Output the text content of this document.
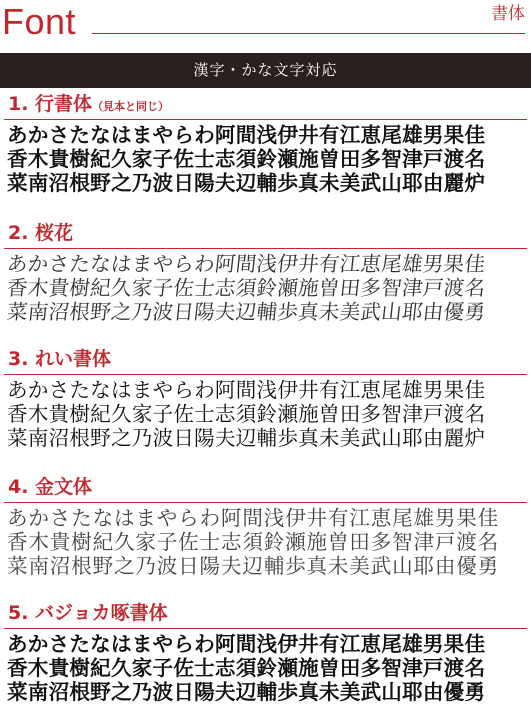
Font	書体
漢字・かな文字対応
1. 行書体（見本と同じ）
あかさたなはまやらわ阿間浅伊井有江恵尾雄男果佳
香木貴樹紀久家子佐士志須鈴瀬施曽田多智津戸渡名
菜南沼根野之乃波日陽夫辺輔歩真未美武山耶由麗炉
2. 桜花
あかさたなはまやらわ阿間浅伊井有江恵尾雄男果佳
香木貴樹紀久家子佐士志須鈴瀬施曽田多智津戸渡名
菜南沼根野之乃波日陽夫辺輔歩真未美武山耶由優勇
3. れい書体
あかさたなはまやらわ阿間浅伊井有江恵尾雄男果佳
香木貴樹紀久家子佐士志須鈴瀬施曽田多智津戸渡名
菜南沼根野之乃波日陽夫辺輔歩真未美武山耶由麗炉
4. 金文体
あかさたなはまやらわ阿間浅伊井有江恵尾雄男果佳
香木貴樹紀久家子佐士志須鈴瀬施曽田多智津戸渡名
菜南沼根野之乃波日陽夫辺輔歩真未美武山耶由優勇
5. バジョカ啄書体
あかさたなはまやらわ阿間浅伊井有江恵尾雄男果佳
香木貴樹紀久家子佐士志須鈴瀬施曽田多智津戸渡名
菜南沼根野之乃波日陽夫辺輔歩真未美武山耶由優勇
